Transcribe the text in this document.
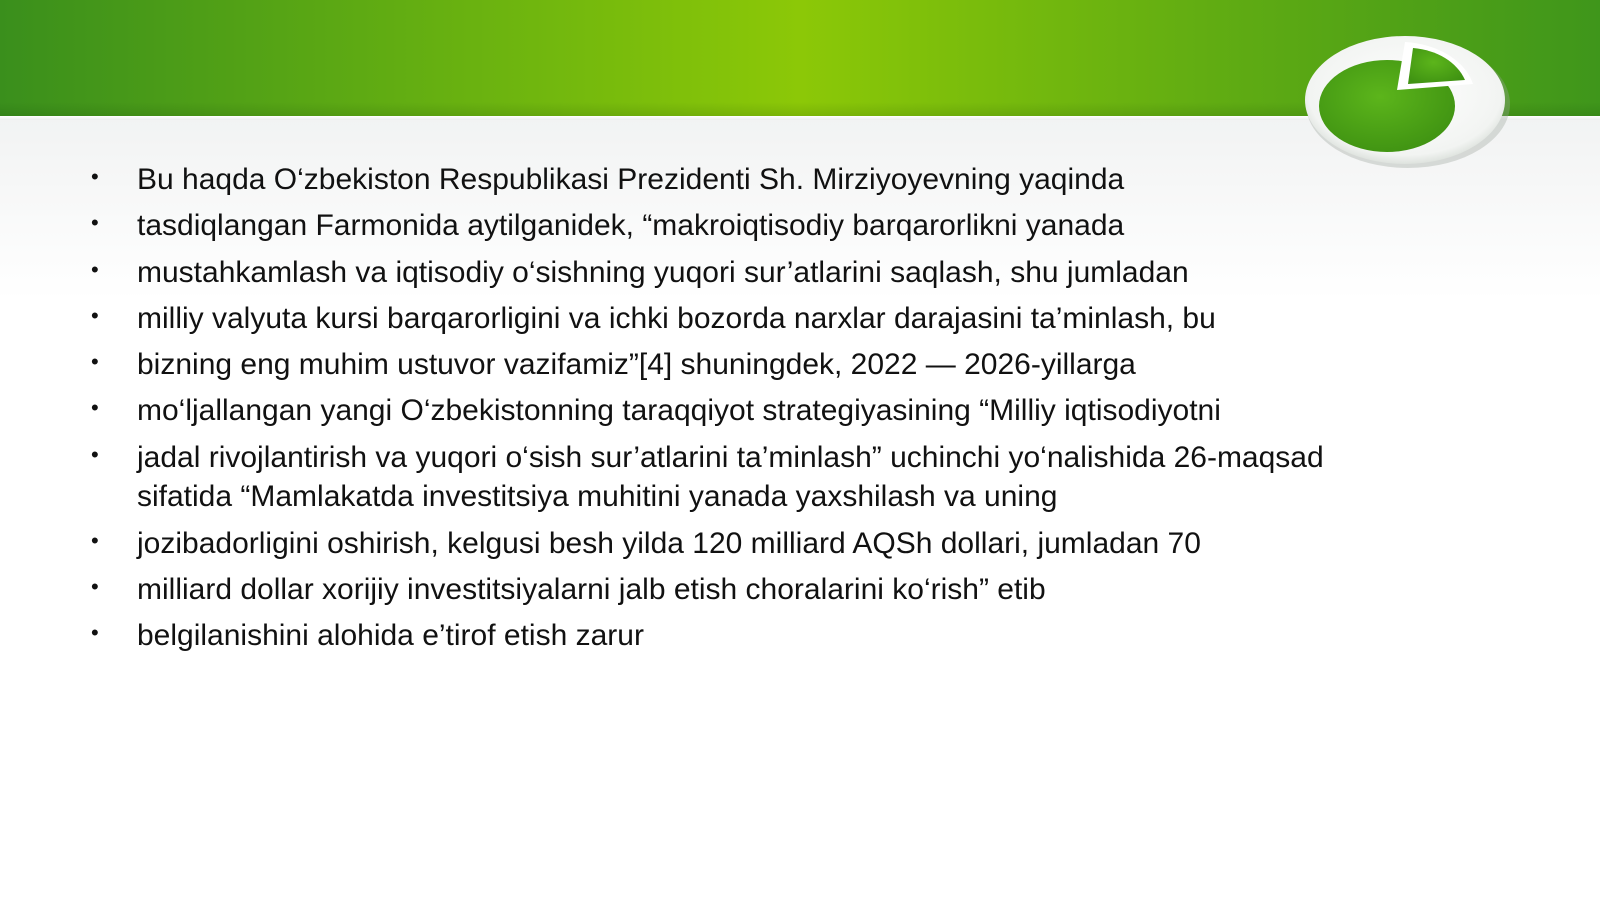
• Bu haqda O‘zbekiston Respublikasi Prezidenti Sh. Mirziyoyevning yaqinda
• tasdiqlangan Farmonida aytilganidek, “makroiqtisodiy barqarorlikni yanada
• mustahkamlash va iqtisodiy o‘sishning yuqori sur’atlarini saqlash, shu jumladan
• milliy valyuta kursi barqarorligini va ichki bozorda narxlar darajasini ta’minlash, bu
• bizning eng muhim ustuvor vazifamiz”[4] shuningdek, 2022 — 2026-yillarga
• mo‘ljallangan yangi O‘zbekistonning taraqqiyot strategiyasining “Milliy iqtisodiyotni
• jadal rivojlantirish va yuqori o‘sish sur’atlarini ta’minlash” uchinchi yo‘nalishida 26-maqsad
sifatida “Mamlakatda investitsiya muhitini yanada yaxshilash va uning
• jozibadorligini oshirish, kelgusi besh yilda 120 milliard AQSh dollari, jumladan 70
• milliard dollar xorijiy investitsiyalarni jalb etish choralarini ko‘rish” etib
• belgilanishini alohida e’tirof etish zarur
